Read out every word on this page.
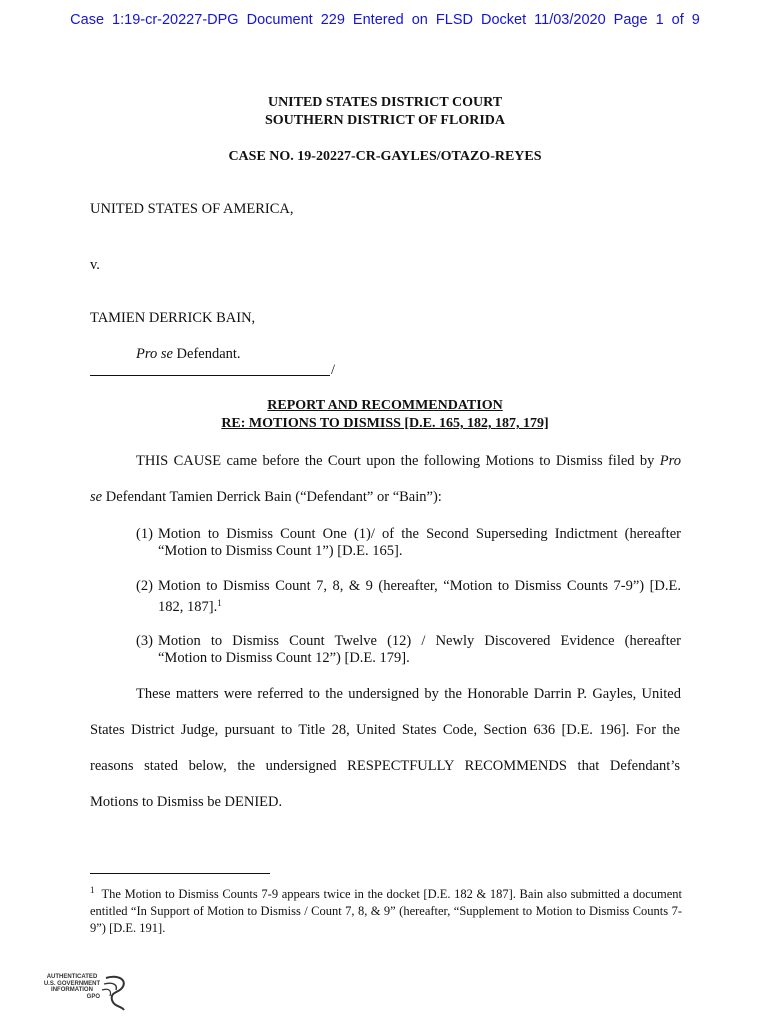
Case 1:19-cr-20227-DPG Document 229 Entered on FLSD Docket 11/03/2020 Page 1 of 9
UNITED STATES DISTRICT COURT
SOUTHERN DISTRICT OF FLORIDA
CASE NO. 19-20227-CR-GAYLES/OTAZO-REYES
UNITED STATES OF AMERICA,
v.
TAMIEN DERRICK BAIN,
Pro se Defendant.
/
REPORT AND RECOMMENDATION
RE: MOTIONS TO DISMISS [D.E. 165, 182, 187, 179]
THIS CAUSE came before the Court upon the following Motions to Dismiss filed by Pro
se Defendant Tamien Derrick Bain (“Defendant” or “Bain”):
(1) Motion to Dismiss Count One (1)/ of the Second Superseding Indictment (hereafter
“Motion to Dismiss Count 1”) [D.E. 165].
(2) Motion to Dismiss Count 7, 8, & 9 (hereafter, “Motion to Dismiss Counts 7-9”) [D.E.
182, 187].$^1$
(3) Motion to Dismiss Count Twelve (12) / Newly Discovered Evidence (hereafter
“Motion to Dismiss Count 12”) [D.E. 179].
These matters were referred to the undersigned by the Honorable Darrin P. Gayles, United
States District Judge, pursuant to Title 28, United States Code, Section 636 [D.E. 196]. For the
reasons stated below, the undersigned RESPECTFULLY RECOMMENDS that Defendant’s
Motions to Dismiss be DENIED.
$^1$ The Motion to Dismiss Counts 7-9 appears twice in the docket [D.E. 182 & 187]. Bain also submitted a document entitled “In Support of Motion to Dismiss / Count 7, 8, & 9” (hereafter, “Supplement to Motion to Dismiss Counts 7-9”) [D.E. 191].
AUTHENTICATED
U.S. GOVERNMENT
INFORMATION
GPO
